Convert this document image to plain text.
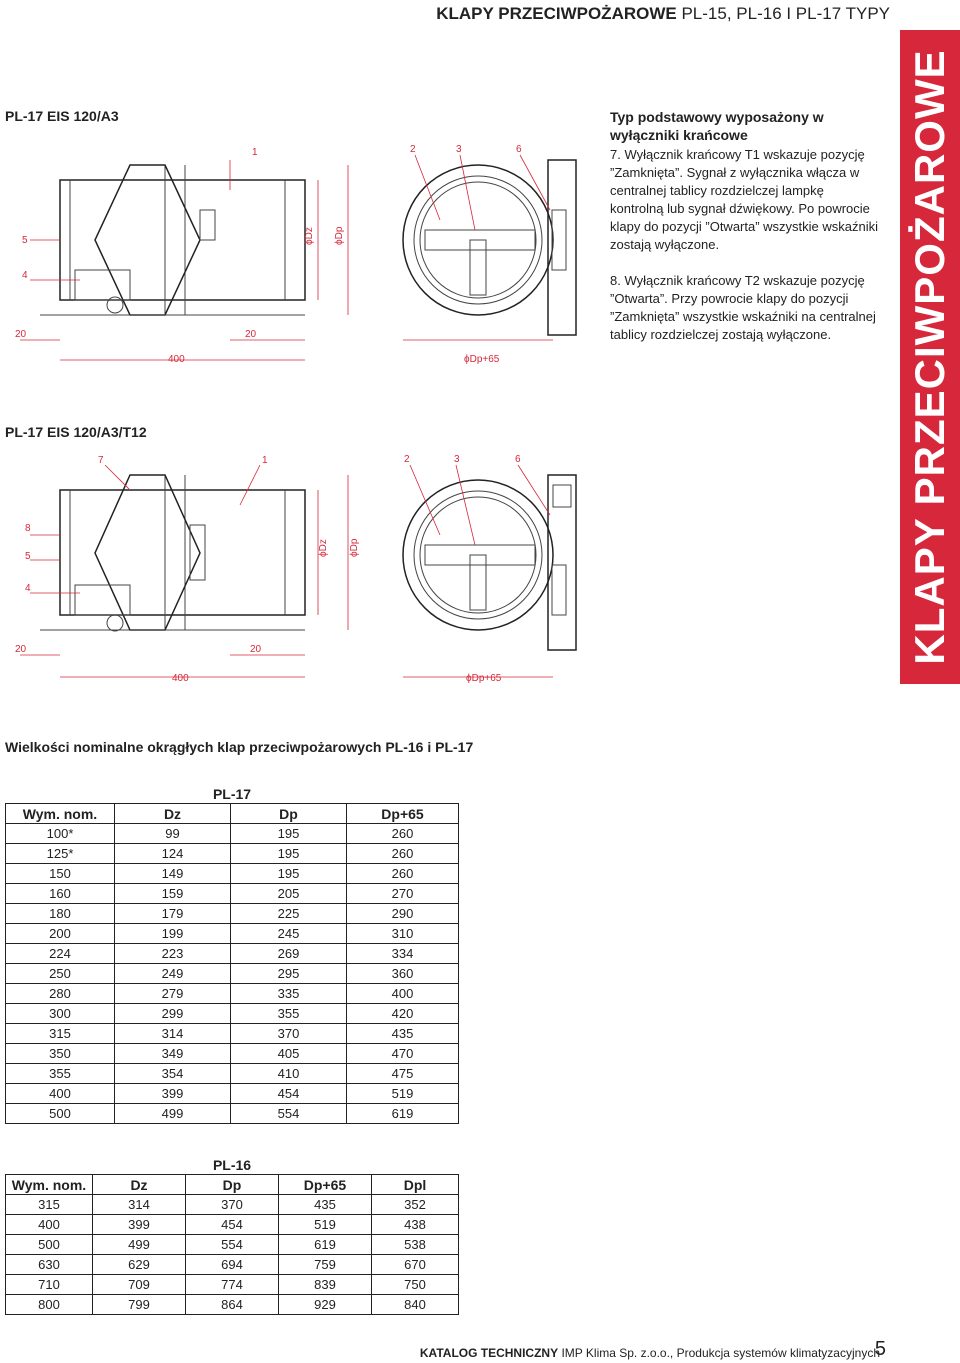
KLAPY PRZECIWPOŻAROWE PL-15, PL-16 I PL-17 TYPY
KLAPY PRZECIWPOŻAROWE
PL-17 EIS 120/A3
5
4
20	20
400
1
ϕDz ϕDp
2	3	6
ϕDp+65

Typ podstawowy wyposażony w wyłączniki krańcowe

7. Wyłącznik krańcowy T1 wskazuje pozycję ”Zamknięta”. Sygnał z wyłącznika włącza w centralnej tablicy rozdzielczej lampkę kontrolną lub sygnał dźwiękowy. Po powrocie klapy do pozycji ”Otwarta” wszystkie wskaźniki zostają wyłączone.

8. Wyłącznik krańcowy T2 wskazuje pozycję ”Otwarta”. Przy powrocie klapy do pozycji ”Zamknięta” wszystkie wskaźniki na centralnej tablicy rozdzielczej zostają wyłączone.

PL-17 EIS 120/A3/T12
8
5
4
7
20	20
400
1
ϕDz ϕDp
2	3	6
ϕDp+65
Wielkości nominalne okrągłych klap przeciwpożarowych PL-16 i PL-17
PL-17			
Wym. nom.	Dz	Dp	Dp+65
100*	99	195	260
125*	124	195	260
150	149	195	260
160	159	205	270
180	179	225	290
200	199	245	310
224	223	269	334
250	249	295	360
280	279	335	400
300	299	355	420
315	314	370	435
350	349	405	470
355	354	410	475
400	399	454	519
500	499	554	619
PL-16				
Wym. nom.	Dz	Dp	Dp+65	Dpl
315	314	370	435	352
400	399	454	519	438
500	499	554	619	538
630	629	694	759	670
710	709	774	839	750
800	799	864	929	840
KATALOG TECHNICZNY IMP Klima Sp. z.o.o., Produkcja systemów klimatyzacyjnych
5
